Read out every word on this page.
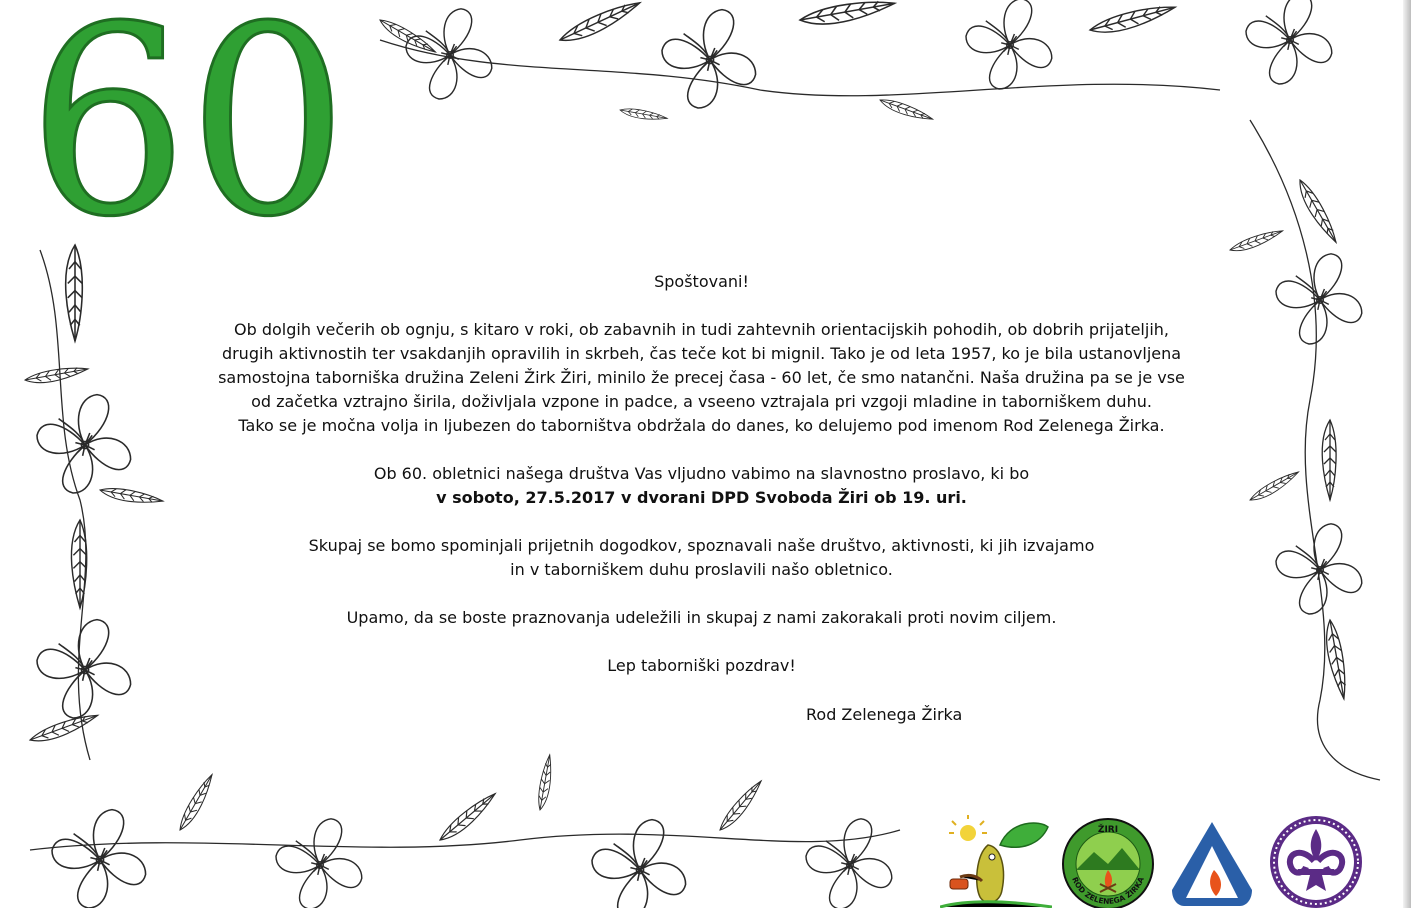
60

Spoštovani!

Ob dolgih večerih ob ognju, s kitaro v roki, ob zabavnih in tudi zahtevnih orientacijskih pohodih, ob dobrih prijateljih,

drugih aktivnostih ter vsakdanjih opravilih in skrbeh, čas teče kot bi mignil. Tako je od leta 1957, ko je bila ustanovljena

samostojna taborniška družina Zeleni Žirk Žiri, minilo že precej časa - 60 let, če smo natančni. Naša družina pa se je vse

od začetka vztrajno širila, doživljala vzpone in padce, a vseeno vztrajala pri vzgoji mladine in taborniškem duhu.

Tako se je močna volja in ljubezen do taborništva obdržala do danes, ko delujemo pod imenom Rod Zelenega Žirka.

Ob 60. obletnici našega društva Vas vljudno vabimo na slavnostno proslavo, ki bo

v soboto, 27.5.2017 v dvorani DPD Svoboda Žiri ob 19. uri.

Skupaj se bomo spominjali prijetnih dogodkov, spoznavali naše društvo, aktivnosti, ki jih izvajamo

in v taborniškem duhu proslavili našo obletnico.

Upamo, da se boste praznovanja udeležili in skupaj z nami zakorakali proti novim ciljem.

Lep taborniški pozdrav!

Rod Zelenega Žirka
ŽIRI
ROD ZELENEGA ŽIRKA
